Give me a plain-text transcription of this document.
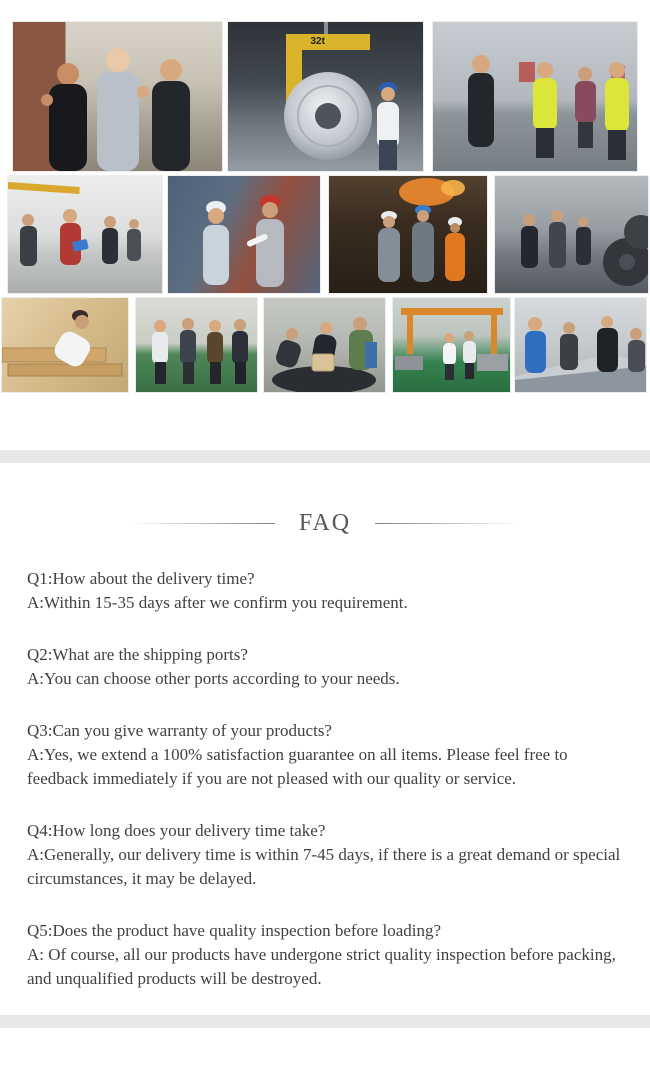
32t
FAQ

Q1:How about the delivery time?

A:Within 15-35 days after we confirm you requirement.

Q2:What are the shipping ports?

A:You can choose other ports according to your needs.

Q3:Can you give warranty of your products?

A:Yes, we extend a 100% satisfaction guarantee on all items. Please feel free to feedback immediately if you are not pleased with our quality or service.

Q4:How long does your delivery time take?

A:Generally, our delivery time is within 7-45 days, if there is a great demand or special circumstances, it may be delayed.

Q5:Does the product have quality inspection before loading?

A: Of course, all our products have undergone strict quality inspection before packing, and unqualified products will be destroyed.
